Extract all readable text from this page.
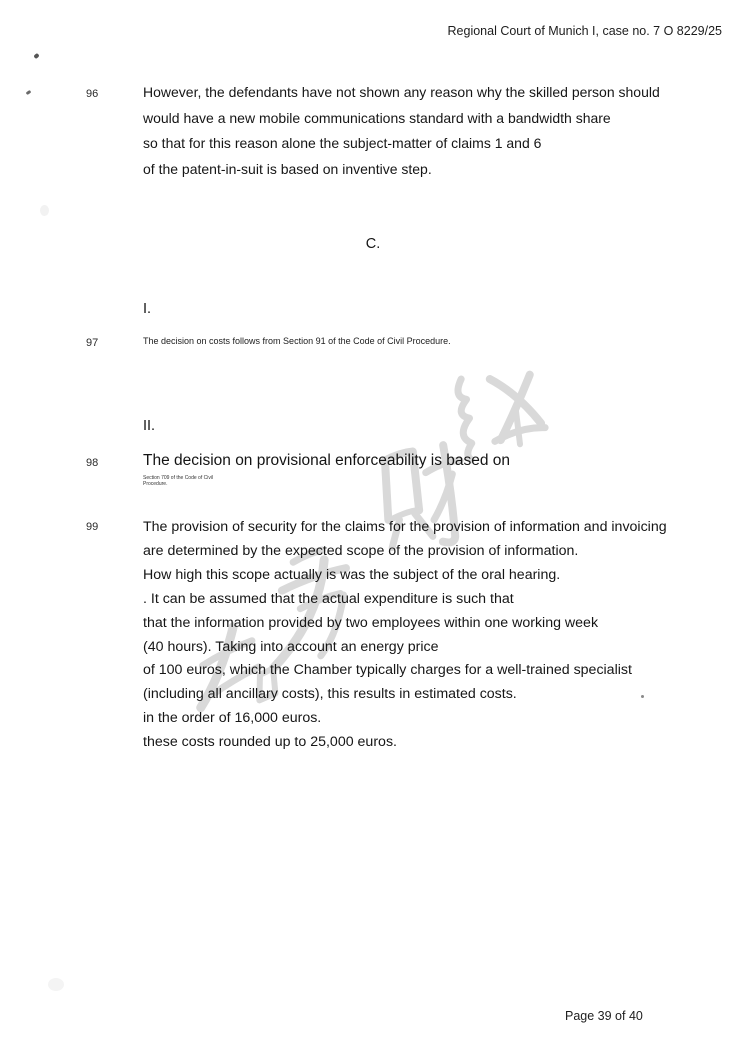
Regional Court of Munich I, case no. 7 O 8229/25
96	However, the defendants have not shown any reason why the skilled person should
would have a new mobile communications standard with a bandwidth share
so that for this reason alone the subject-matter of claims 1 and 6
of the patent-in-suit is based on inventive step.
C.
I.
97	The decision on costs follows from Section 91 of the Code of Civil Procedure.
II.
98	The decision on provisional enforceability is based on
Section 709 of the Code of Civil
Procedure.
99	The provision of security for the claims for the provision of information and invoicing
are determined by the expected scope of the provision of information.
How high this scope actually is was the subject of the oral hearing.
. It can be assumed that the actual expenditure is such that
that the information provided by two employees within one working week
(40 hours). Taking into account an energy price
of 100 euros, which the Chamber typically charges for a well-trained specialist
(including all ancillary costs), this results in estimated costs.
in the order of 16,000 euros.
these costs rounded up to 25,000 euros.
Page 39 of 40
